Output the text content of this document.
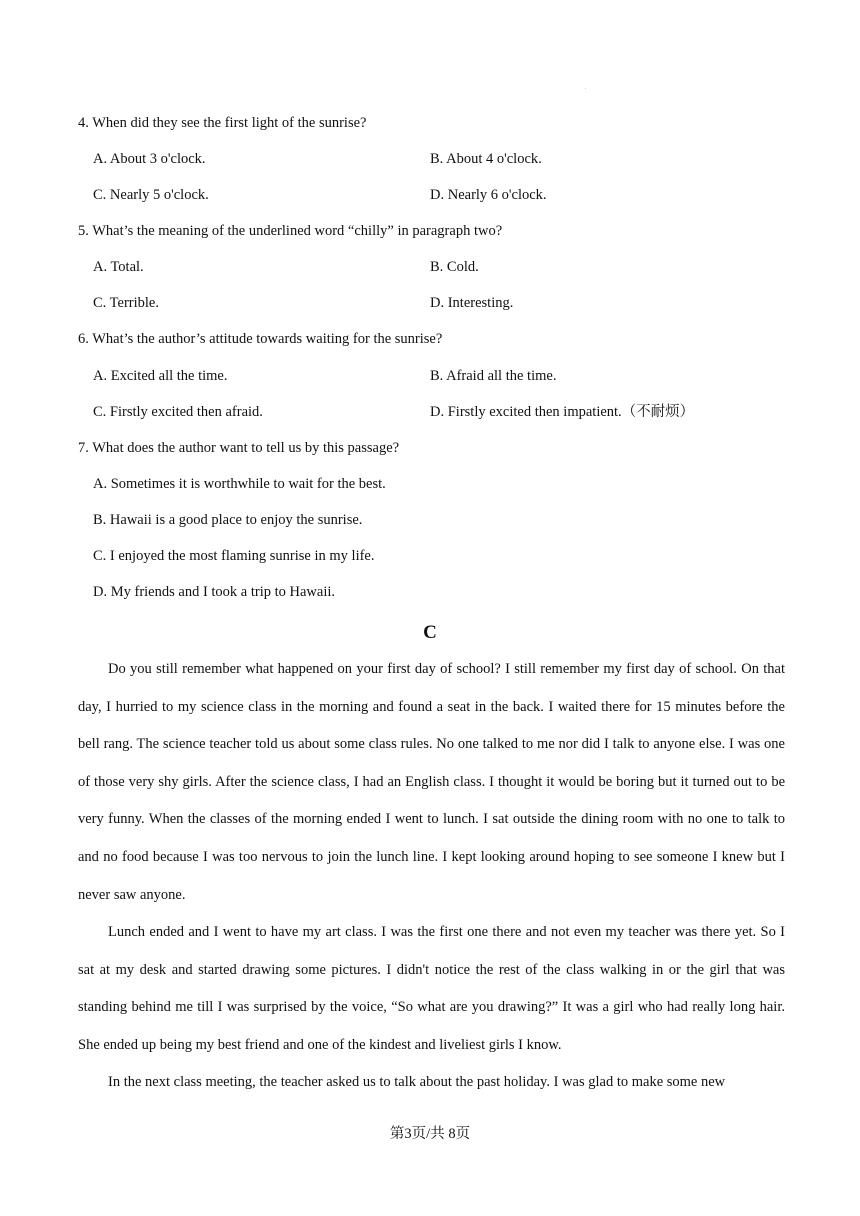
4. When did they see the first light of the sunrise?
A. About 3 o'clock.	B. About 4 o'clock.
C. Nearly 5 o'clock.	D. Nearly 6 o'clock.
5. What’s the meaning of the underlined word “chilly” in paragraph two?
A. Total.	B. Cold.
C. Terrible.	D. Interesting.
6. What’s the author’s attitude towards waiting for the sunrise?
A. Excited all the time.	B. Afraid all the time.
C. Firstly excited then afraid.	D. Firstly excited then impatient.（不耐烦）
7. What does the author want to tell us by this passage?
A. Sometimes it is worthwhile to wait for the best.
B. Hawaii is a good place to enjoy the sunrise.
C. I enjoyed the most flaming sunrise in my life.
D. My friends and I took a trip to Hawaii.
C

Do you still remember what happened on your first day of school? I still remember my first day of school. On that day, I hurried to my science class in the morning and found a seat in the back. I waited there for 15 minutes before the bell rang. The science teacher told us about some class rules. No one talked to me nor did I talk to anyone else. I was one of those very shy girls. After the science class, I had an English class. I thought it would be boring but it turned out to be very funny. When the classes of the morning ended I went to lunch. I sat outside the dining room with no one to talk to and no food because I was too nervous to join the lunch line. I kept looking around hoping to see someone I knew but I never saw anyone.

Lunch ended and I went to have my art class. I was the first one there and not even my teacher was there yet. So I sat at my desk and started drawing some pictures. I didn't notice the rest of the class walking in or the girl that was standing behind me till I was surprised by the voice, “So what are you drawing?” It was a girl who had really long hair. She ended up being my best friend and one of the kindest and liveliest girls I know.

In the next class meeting, the teacher asked us to talk about the past holiday. I was glad to make some new

第3页/共 8页
